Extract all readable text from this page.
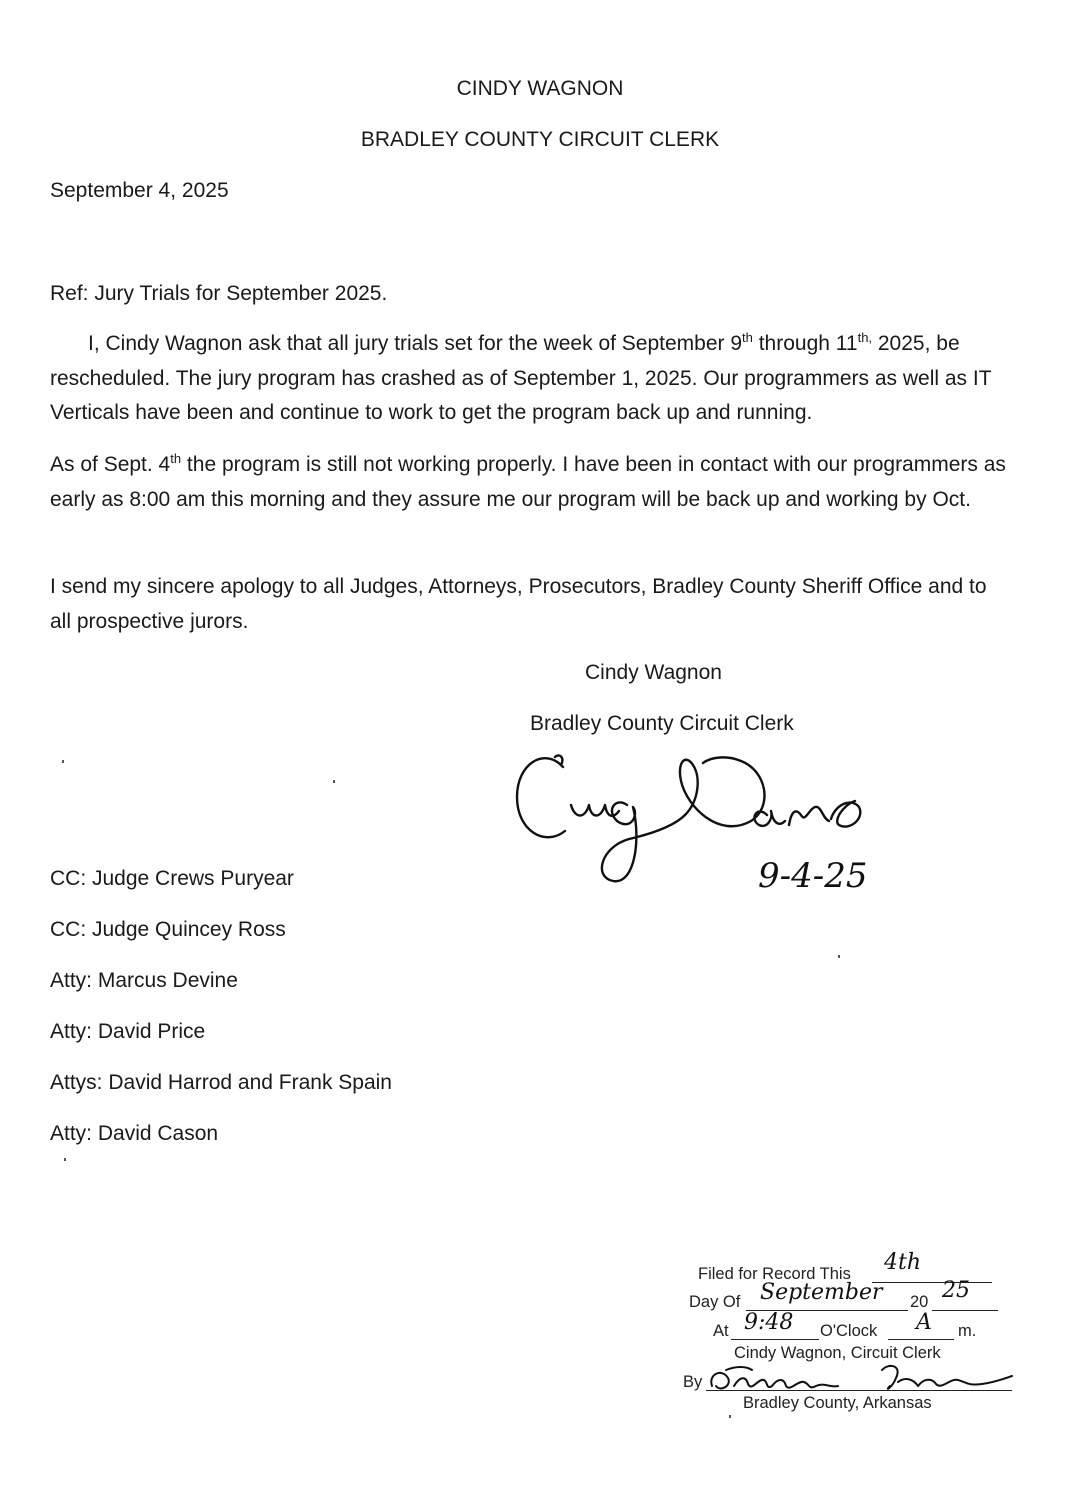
CINDY WAGNON
BRADLEY COUNTY CIRCUIT CLERK
September 4, 2025
Ref: Jury Trials for September 2025.
I, Cindy Wagnon ask that all jury trials set for the week of September 9th through $11^{th,}$ 2025, be rescheduled. The jury program has crashed as of September 1, 2025. Our programmers as well as IT Verticals have been and continue to work to get the program back up and running.
As of Sept. 4th the program is still not working properly. I have been in contact with our programmers as early as 8:00 am this morning and they assure me our program will be back up and working by Oct.
I send my sincere apology to all Judges, Attorneys, Prosecutors, Bradley County Sheriff Office and to all prospective jurors.
Cindy Wagnon
Bradley County Circuit Clerk
9-4-25
CC: Judge Crews Puryear
CC: Judge Quincey Ross
Atty: Marcus Devine
Atty: David Price
Attys: David Harrod and Frank Spain
Atty: David Cason
Filed for Record This 4th
Day Of September 20 25
At 9:48 O'Clock A m.
Cindy Wagnon, Circuit Clerk
By
Bradley County, Arkansas
